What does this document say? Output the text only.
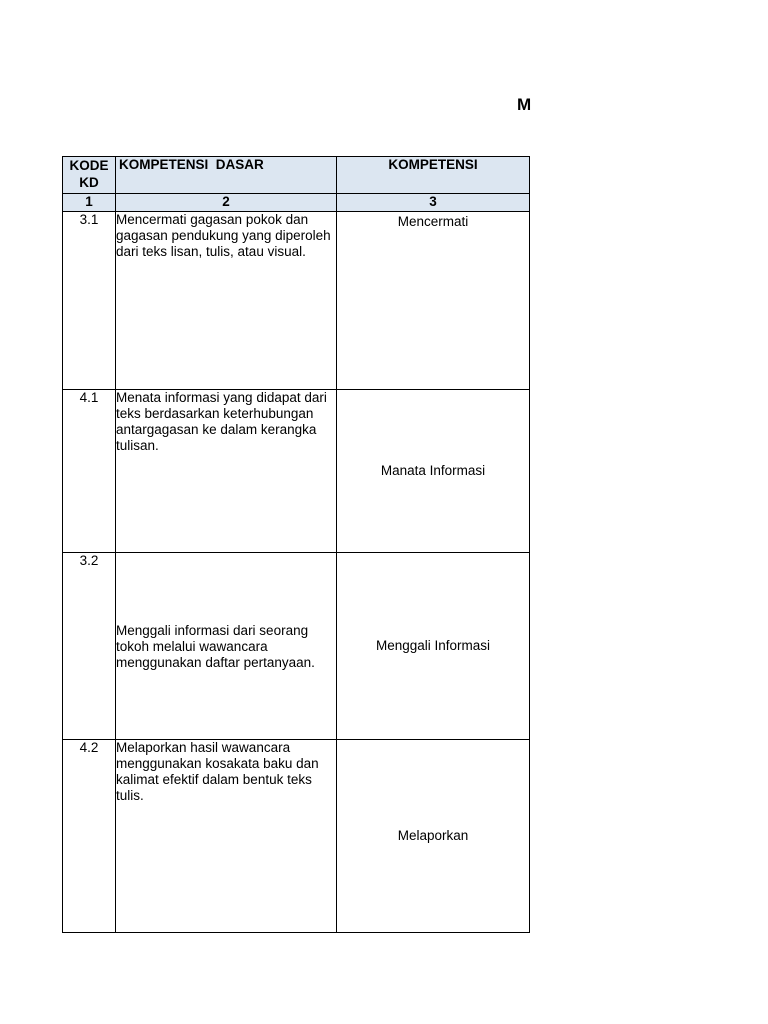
M
KODE
KD	KOMPETENSI  DASAR	KOMPETENSI
1	2	3
3.1	Mencermati gagasan pokok dan gagasan pendukung yang diperoleh dari teks lisan, tulis, atau visual.	Mencermati
4.1	Menata informasi yang didapat dari teks berdasarkan keterhubungan antargagasan ke dalam kerangka tulisan.	Manata Informasi
3.2	Menggali informasi dari seorang tokoh melalui wawancara menggunakan daftar pertanyaan.	Menggali Informasi
4.2	Melaporkan hasil wawancara menggunakan kosakata baku dan kalimat efektif dalam bentuk teks tulis.	Melaporkan
